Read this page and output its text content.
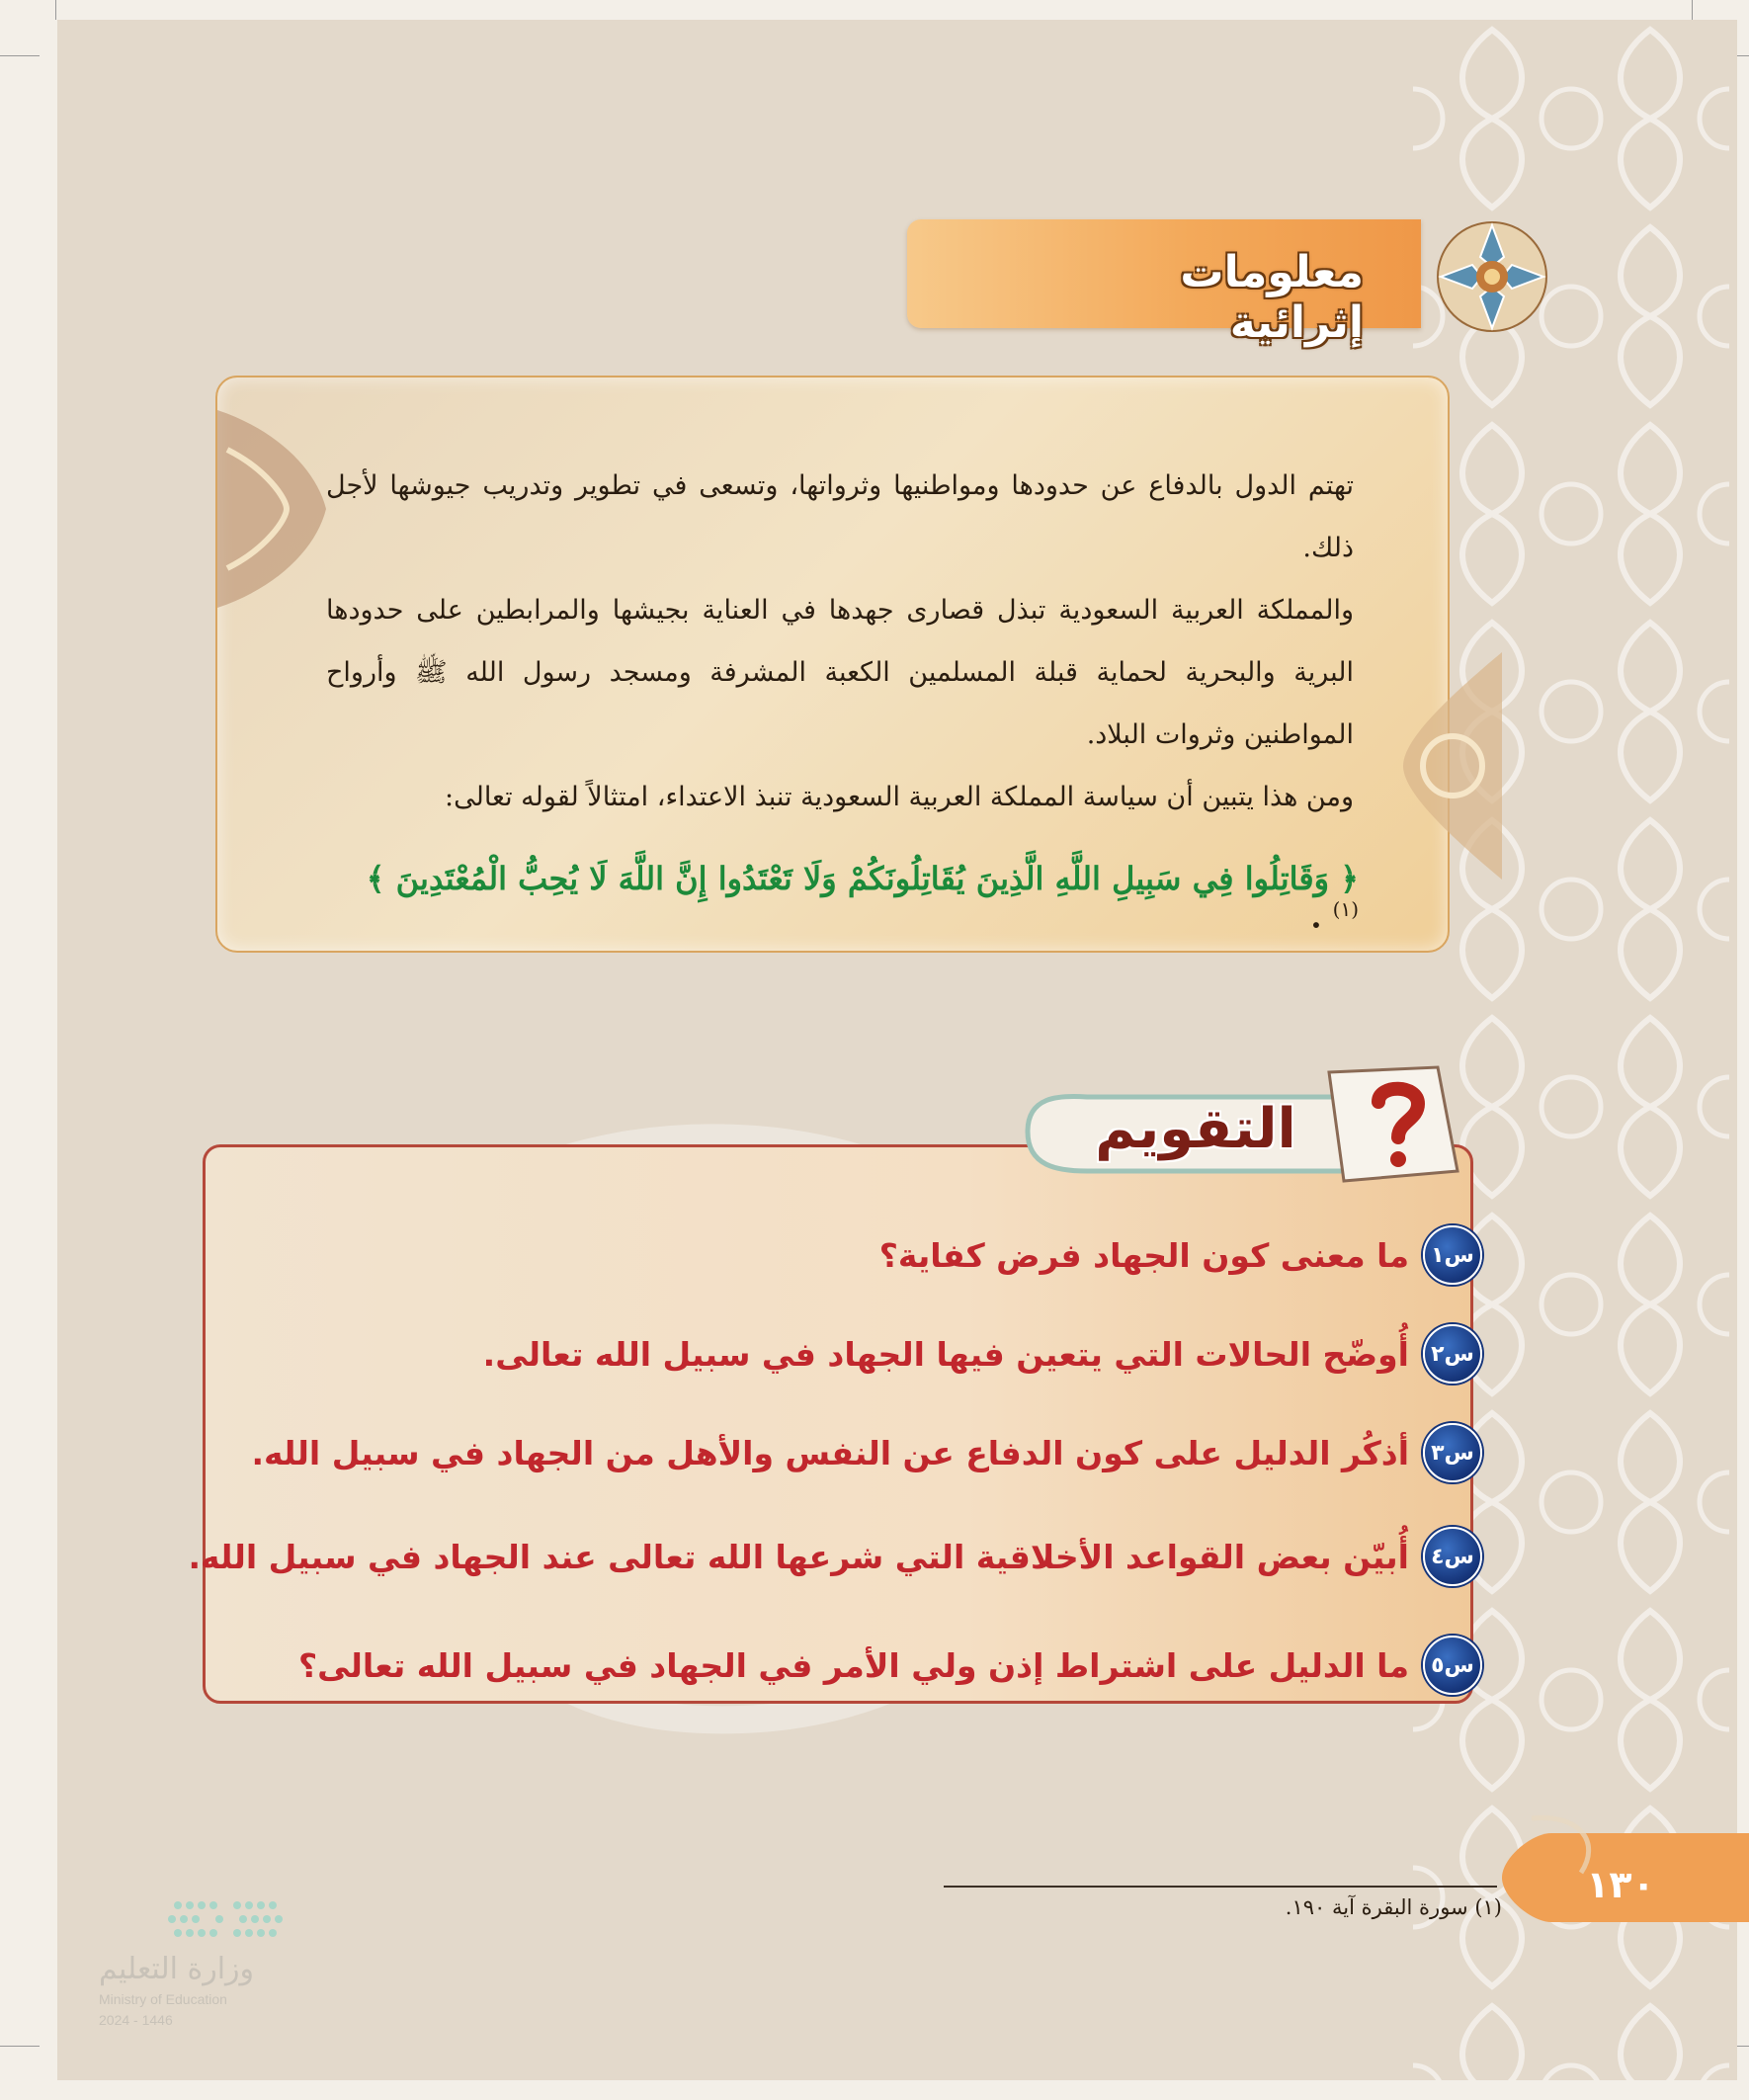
معلومات إثرائية

تهتم الدول بالدفاع عن حدودها ومواطنيها وثرواتها، وتسعى في تطوير وتدريب جيوشها لأجل ذلك.

والمملكة العربية السعودية تبذل قصارى جهدها في العناية بجيشها والمرابطين على حدودها البرية والبحرية لحماية قبلة المسلمين الكعبة المشرفة ومسجد رسول الله ﷺ وأرواح المواطنين وثروات البلاد.

ومن هذا يتبين أن سياسة المملكة العربية السعودية تنبذ الاعتداء، امتثالاً لقوله تعالى:

﴿ وَقَاتِلُوا فِي سَبِيلِ اللَّهِ الَّذِينَ يُقَاتِلُونَكُمْ وَلَا تَعْتَدُوا إِنَّ اللَّهَ لَا يُحِبُّ الْمُعْتَدِينَ ﴾ $^{(١)}$ .
التقويم
س١
ما معنى كون الجهاد فرض كفاية؟
س٢
أُوضّح الحالات التي يتعين فيها الجهاد في سبيل الله تعالى.
س٣
أذكُر الدليل على كون الدفاع عن النفس والأهل من الجهاد في سبيل الله.
س٤
أُبيّن بعض القواعد الأخلاقية التي شرعها الله تعالى عند الجهاد في سبيل الله.
س٥
ما الدليل على اشتراط إذن ولي الأمر في الجهاد في سبيل الله تعالى؟
(١) سورة البقرة آية ١٩٠.
١٣٠
وزارة التعليم
Ministry of Education
2024 - 1446
